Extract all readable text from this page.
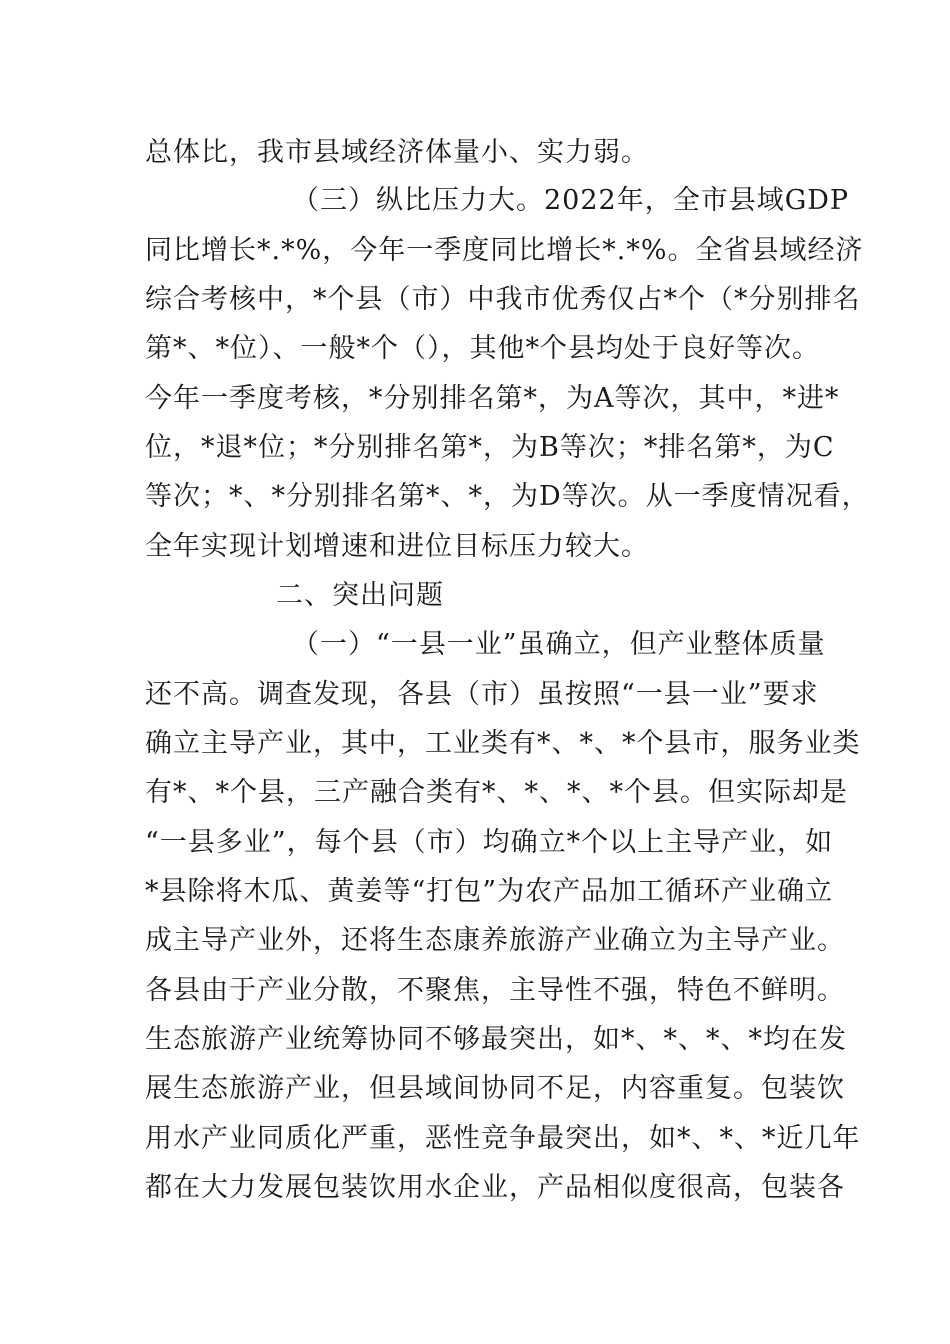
总体比，我市县域经济体量小、实力弱。
（三）纵比压力大。2022年，全市县域GDP
同比增长*.*%，今年一季度同比增长*.*%。全省县域经济
综合考核中，*个县（市）中我市优秀仅占*个（*分别排名
第*、*位）、一般*个（），其他*个县均处于良好等次。
今年一季度考核，*分别排名第*，为A等次，其中，*进*
位，*退*位；*分别排名第*，为B等次；*排名第*，为C
等次；*、*分别排名第*、*，为D等次。从一季度情况看，
全年实现计划增速和进位目标压力较大。
二、突出问题
（一）“一县一业”虽确立，但产业整体质量
还不高。调查发现，各县（市）虽按照“一县一业”要求
确立主导产业，其中，工业类有*、*、*个县市，服务业类
有*、*个县，三产融合类有*、*、*、*个县。但实际却是
“一县多业”，每个县（市）均确立*个以上主导产业，如
*县除将木瓜、黄姜等“打包”为农产品加工循环产业确立
成主导产业外，还将生态康养旅游产业确立为主导产业。
各县由于产业分散，不聚焦，主导性不强，特色不鲜明。
生态旅游产业统筹协同不够最突出，如*、*、*、*均在发
展生态旅游产业，但县域间协同不足，内容重复。包装饮
用水产业同质化严重，恶性竞争最突出，如*、*、*近几年
都在大力发展包装饮用水企业，产品相似度很高，包装各
